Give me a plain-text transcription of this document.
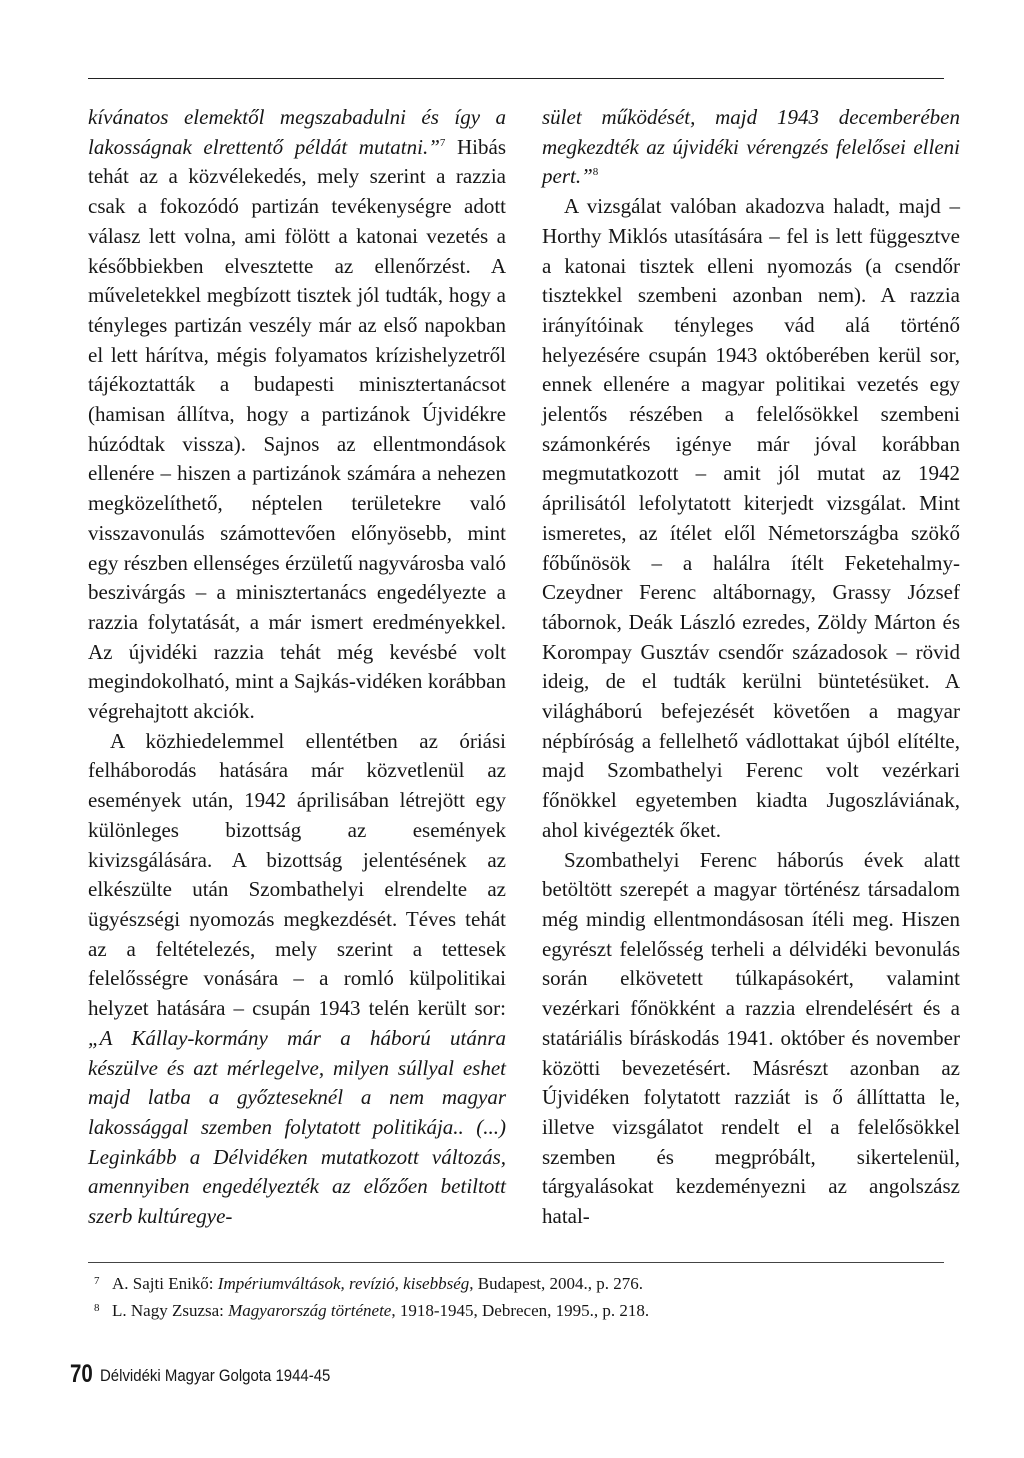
kívánatos elemektől megszabadulni és így a lakosságnak elrettentő példát mutatni.”$^7$ Hibás tehát az a közvélekedés, mely szerint a razzia csak a fokozódó partizán tevékenységre adott válasz lett volna, ami fölött a katonai vezetés a későbbiekben elvesztette az ellenőrzést. A műveletekkel megbízott tisztek jól tudták, hogy a tényleges partizán veszély már az első napokban el lett hárítva, mégis folyamatos krízishelyzetről tájékoztatták a budapesti minisztertanácsot (hamisan állítva, hogy a partizánok Újvidékre húzódtak vissza). Sajnos az ellentmondások ellenére – hiszen a partizánok számára a nehezen megközelíthető, néptelen területekre való visszavonulás számottevően előnyösebb, mint egy részben ellenséges érzületű nagyvárosba való beszivárgás – a minisztertanács engedélyezte a razzia folytatását, a már ismert eredményekkel. Az újvidéki razzia tehát még kevésbé volt megindokolható, mint a Sajkás-vidéken korábban végrehajtott akciók.

A közhiedelemmel ellentétben az óriási felháborodás hatására már közvetlenül az események után, 1942 áprilisában létrejött egy különleges bizottság az események kivizsgálására. A bizottság jelentésének az elkészülte után Szombathelyi elrendelte az ügyészségi nyomozás megkezdését. Téves tehát az a feltételezés, mely szerint a tettesek felelősségre vonására – a romló külpolitikai helyzet hatására – csupán 1943 telén került sor: „A Kállay-kormány már a háború utánra készülve és azt mérlegelve, milyen súllyal eshet majd latba a győzteseknél a nem magyar lakossággal szemben folytatott politikája.. (...) Leginkább a Délvidéken mutatkozott változás, amennyiben engedélyezték az előzően betiltott szerb kultúregye-

sület működését, majd 1943 decemberében megkezdték az újvidéki vérengzés felelősei elleni pert.”$^8$

A vizsgálat valóban akadozva haladt, majd – Horthy Miklós utasítására – fel is lett függesztve a katonai tisztek elleni nyomozás (a csendőr tisztekkel szembeni azonban nem). A razzia irányítóinak tényleges vád alá történő helyezésére csupán 1943 októberében kerül sor, ennek ellenére a magyar politikai vezetés egy jelentős részében a felelősökkel szembeni számonkérés igénye már jóval korábban megmutatkozott – amit jól mutat az 1942 áprilisától lefolytatott kiterjedt vizsgálat. Mint ismeretes, az ítélet elől Németországba szökő főbűnösök – a halálra ítélt Feketehalmy-Czeydner Ferenc altábornagy, Grassy József tábornok, Deák László ezredes, Zöldy Márton és Korompay Gusztáv csendőr századosok – rövid ideig, de el tudták kerülni büntetésüket. A világháború befejezését követően a magyar népbíróság a fellelhető vádlottakat újból elítélte, majd Szombathelyi Ferenc volt vezérkari főnökkel egyetemben kiadta Jugoszláviának, ahol kivégezték őket.

Szombathelyi Ferenc háborús évek alatt betöltött szerepét a magyar történész társadalom még mindig ellentmondásosan ítéli meg. Hiszen egyrészt felelősség terheli a délvidéki bevonulás során elkövetett túlkapásokért, valamint vezérkari főnökként a razzia elrendelésért és a statáriális bíráskodás 1941. október és november közötti bevezetésért. Másrészt azonban az Újvidéken folytatott razziát is ő állíttatta le, illetve vizsgálatot rendelt el a felelősökkel szemben és megpróbált, sikertelenül, tárgyalásokat kezdeményezni az angolszász hatal-

7 A. Sajti Enikő: Impériumváltások, revízió, kisebbség, Budapest, 2004., p. 276.
8 L. Nagy Zsuzsa: Magyarország története, 1918-1945, Debrecen, 1995., p. 218.
70 Délvidéki Magyar Golgota 1944-45
